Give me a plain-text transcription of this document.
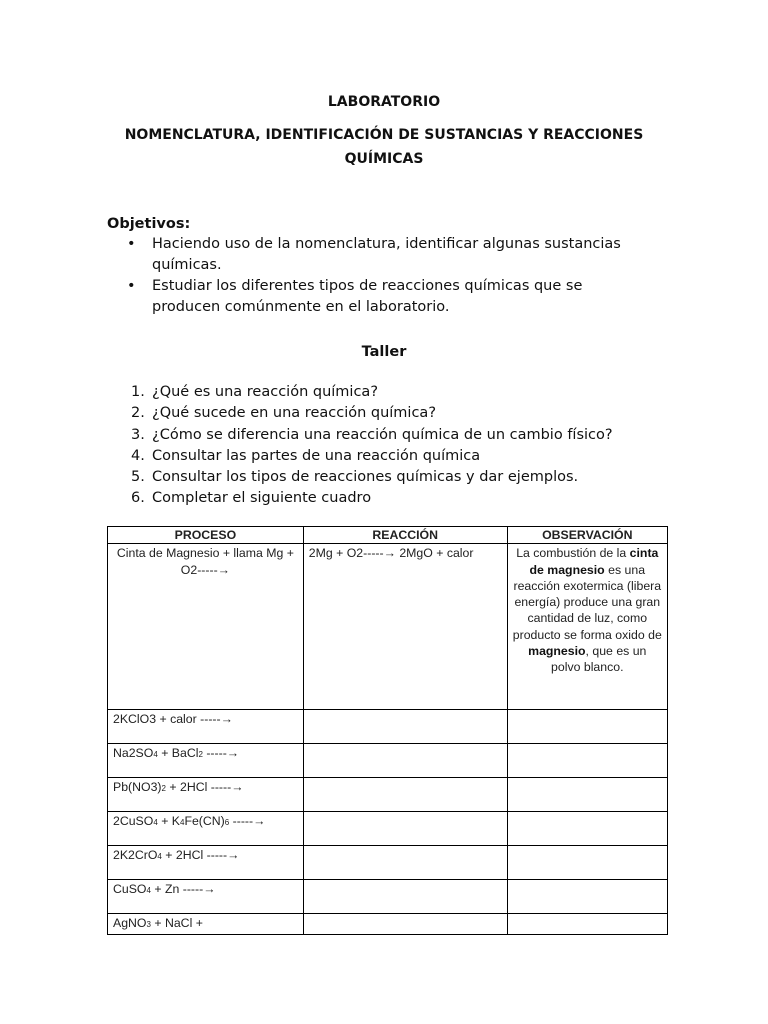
LABORATORIO
NOMENCLATURA, IDENTIFICACIÓN DE SUSTANCIAS Y REACCIONES QUÍMICAS
Objetivos:
• Haciendo uso de la nomenclatura, identificar algunas sustancias químicas.
• Estudiar los diferentes tipos de reacciones químicas que se producen comúnmente en el laboratorio.
Taller
1. ¿Qué es una reacción química?
2. ¿Qué sucede en una reacción química?
3. ¿Cómo se diferencia una reacción química de un cambio físico?
4. Consultar las partes de una reacción química
5. Consultar los tipos de reacciones químicas y dar ejemplos.
6. Completar el siguiente cuadro
PROCESO	REACCIÓN	OBSERVACIÓN
Cinta de Magnesio + llama Mg + O2-----→	2Mg + O2-----→ 2MgO + calor	La combustión de la cinta de magnesio es una reacción exotermica (libera energía) produce una gran cantidad de luz, como producto se forma oxido de magnesio, que es un polvo blanco.
2KClO3 + calor -----→		
Na2SO4 + BaCl2 -----→		
Pb(NO3)2 + 2HCl -----→		
2CuSO4 + K4Fe(CN)6 -----→		
2K2CrO4 + 2HCl -----→		
CuSO4 + Zn -----→		
AgNO3 + NaCl +		
